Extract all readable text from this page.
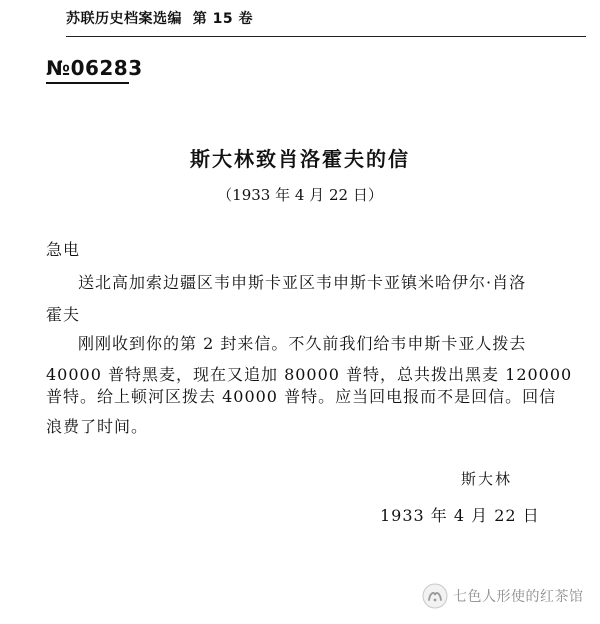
苏联历史档案选编 第 15 卷
№06283
斯大林致肖洛霍夫的信
（1933 年 4 月 22 日）
急电
送北高加索边疆区韦申斯卡亚区韦申斯卡亚镇米哈伊尔·肖洛
霍夫
刚刚收到你的第 2 封来信。不久前我们给韦申斯卡亚人拨去
40000 普特黑麦，现在又追加 80000 普特，总共拨出黑麦 120000
普特。给上顿河区拨去 40000 普特。应当回电报而不是回信。回信
浪费了时间。
斯大林
1933 年 4 月 22 日
七色人形使的红茶馆
